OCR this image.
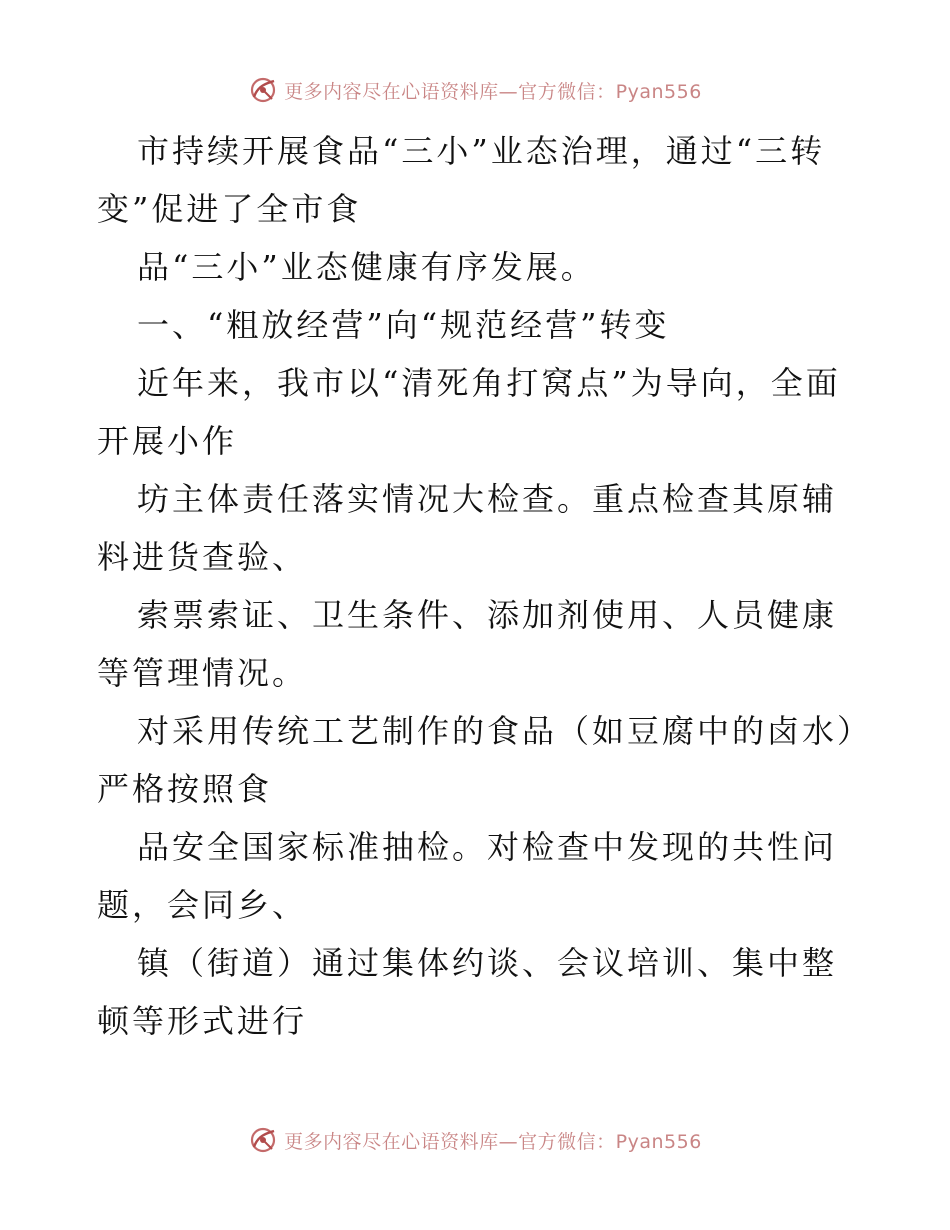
更多内容尽在心语资料库—官方微信：Pyan556

市持续开展食品“三小”业态治理，通过“三转变”促进了全市食

品“三小”业态健康有序发展。

一、“粗放经营”向“规范经营”转变

近年来，我市以“清死角打窝点”为导向，全面开展小作

坊主体责任落实情况大检查。重点检查其原辅料进货查验、

索票索证、卫生条件、添加剂使用、人员健康等管理情况。

对采用传统工艺制作的食品（如豆腐中的卤水）严格按照食

品安全国家标准抽检。对检查中发现的共性问题，会同乡、

镇（街道）通过集体约谈、会议培训、集中整顿等形式进行

更多内容尽在心语资料库—官方微信：Pyan556
